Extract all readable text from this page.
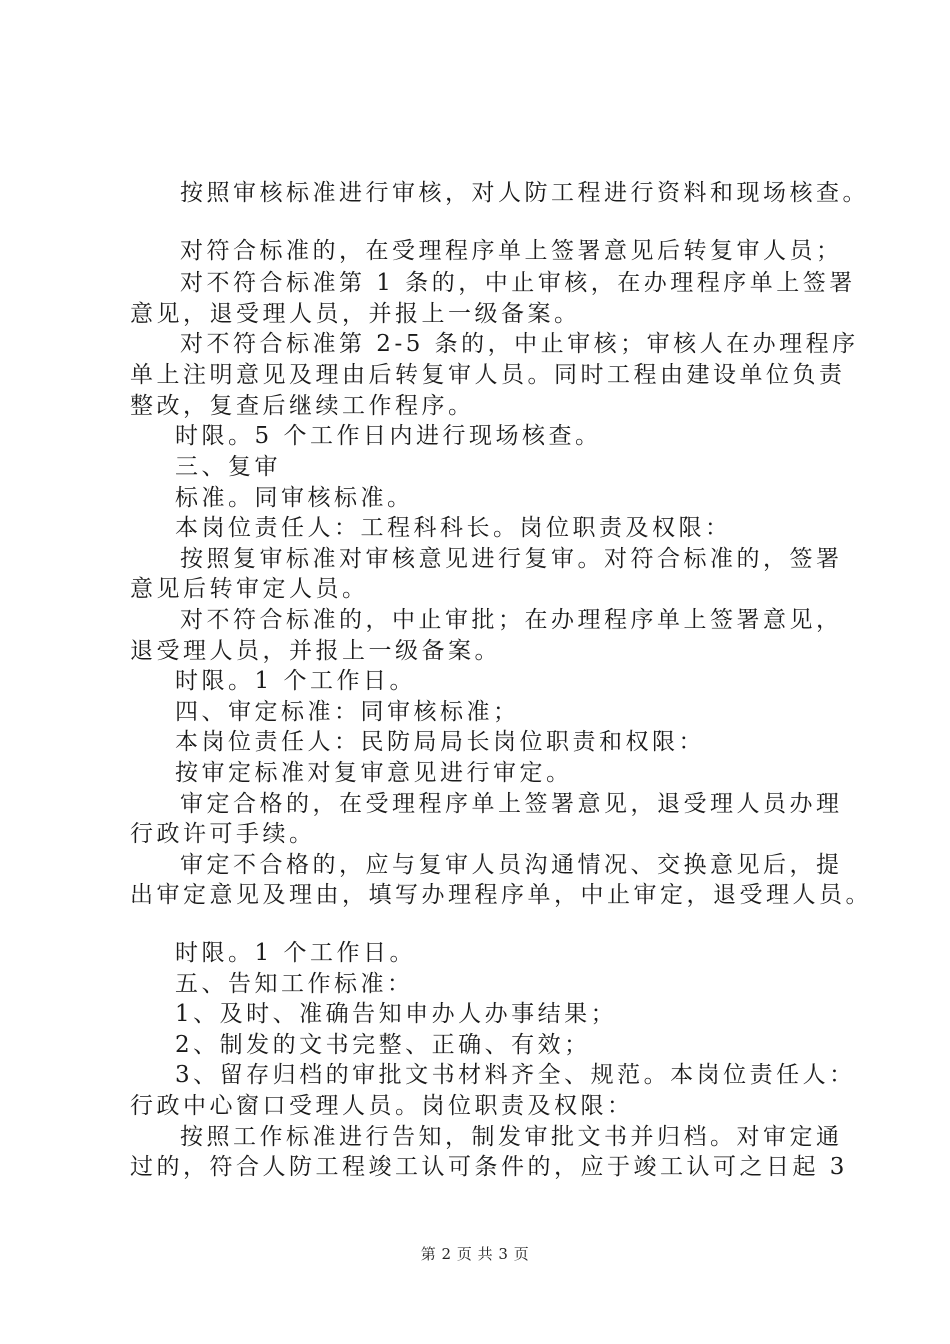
按照审核标准进行审核，对人防工程进行资料和现场核查。
对符合标准的，在受理程序单上签署意见后转复审人员；
对不符合标准第 1 条的，中止审核，在办理程序单上签署
意见，退受理人员，并报上一级备案。
对不符合标准第 2-5 条的，中止审核；审核人在办理程序
单上注明意见及理由后转复审人员。同时工程由建设单位负责
整改，复查后继续工作程序。
时限。5 个工作日内进行现场核查。
三、复审
标准。同审核标准。
本岗位责任人：工程科科长。岗位职责及权限：
按照复审标准对审核意见进行复审。对符合标准的，签署
意见后转审定人员。
对不符合标准的，中止审批；在办理程序单上签署意见，
退受理人员，并报上一级备案。
时限。1 个工作日。
四、审定标准：同审核标准；
本岗位责任人：民防局局长岗位职责和权限：
按审定标准对复审意见进行审定。
审定合格的，在受理程序单上签署意见，退受理人员办理
行政许可手续。
审定不合格的，应与复审人员沟通情况、交换意见后，提
出审定意见及理由，填写办理程序单，中止审定，退受理人员。
时限。1 个工作日。
五、告知工作标准：
1、及时、准确告知申办人办事结果；
2、制发的文书完整、正确、有效；
3、留存归档的审批文书材料齐全、规范。本岗位责任人：
行政中心窗口受理人员。岗位职责及权限：
按照工作标准进行告知，制发审批文书并归档。对审定通
过的，符合人防工程竣工认可条件的，应于竣工认可之日起 3
第 2 页 共 3 页
